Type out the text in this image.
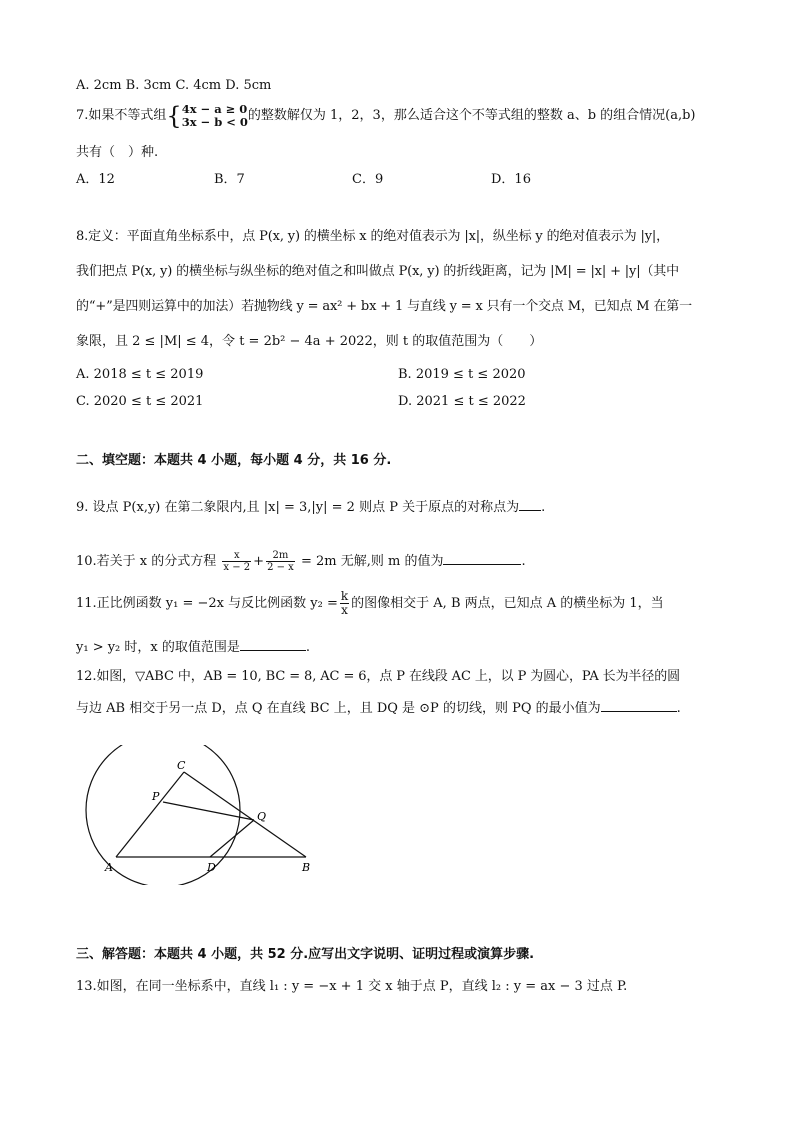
A. 2cm B. 3cm C. 4cm D. 5cm
7.如果不等式组{ 4x − a ≥ 0
3x − b < 0 的整数解仅为 1，2，3，那么适合这个不等式组的整数 a、b 的组合情况(a,b)
共有（　）种.
A．12	B．7	C．9	D．16
8.定义：平面直角坐标系中，点 P(x, y) 的横坐标 x 的绝对值表示为 |x|，纵坐标 y 的绝对值表示为 |y|，
我们把点 P(x, y) 的横坐标与纵坐标的绝对值之和叫做点 P(x, y) 的折线距离，记为 |M| = |x| + |y|（其中
的“+”是四则运算中的加法）若抛物线 y = ax² + bx + 1 与直线 y = x 只有一个交点 M，已知点 M 在第一
象限，且 2 ≤ |M| ≤ 4，令 t = 2b² − 4a + 2022，则 t 的取值范围为（　　）
A. 2018 ≤ t ≤ 2019	B. 2019 ≤ t ≤ 2020
C. 2020 ≤ t ≤ 2021	D. 2021 ≤ t ≤ 2022
二、填空题：本题共 4 小题，每小题 4 分，共 16 分.
9. 设点 P(x,y) 在第二象限内,且 |x| = 3,|y| = 2 则点 P 关于原点的对称点为 .
10.若关于 x 的分式方程 $\frac{x}{x - 2} + \frac{2m}{2 - x} = 2m$ 无解,则 m 的值为	.
11.正比例函数 y₁ = −2x 与反比例函数 $y_2 = \frac{k}{x}$ 的图像相交于 A, B 两点，已知点 A 的横坐标为 1，当
y₁ > y₂ 时，x 的取值范围是	.
12.如图，▽ABC 中，AB = 10, BC = 8, AC = 6，点 P 在线段 AC 上，以 P 为圆心，PA 长为半径的圆
与边 AB 相交于另一点 D，点 Q 在直线 BC 上，且 DQ 是 ⊙P 的切线，则 PQ 的最小值为	.
C
P
Q
A	D	B
三、解答题：本题共 4 小题，共 52 分.应写出文字说明、证明过程或演算步骤.
13.如图，在同一坐标系中，直线 l₁ : y = −x + 1 交 x 轴于点 P，直线 l₂ : y = ax − 3 过点 P.
